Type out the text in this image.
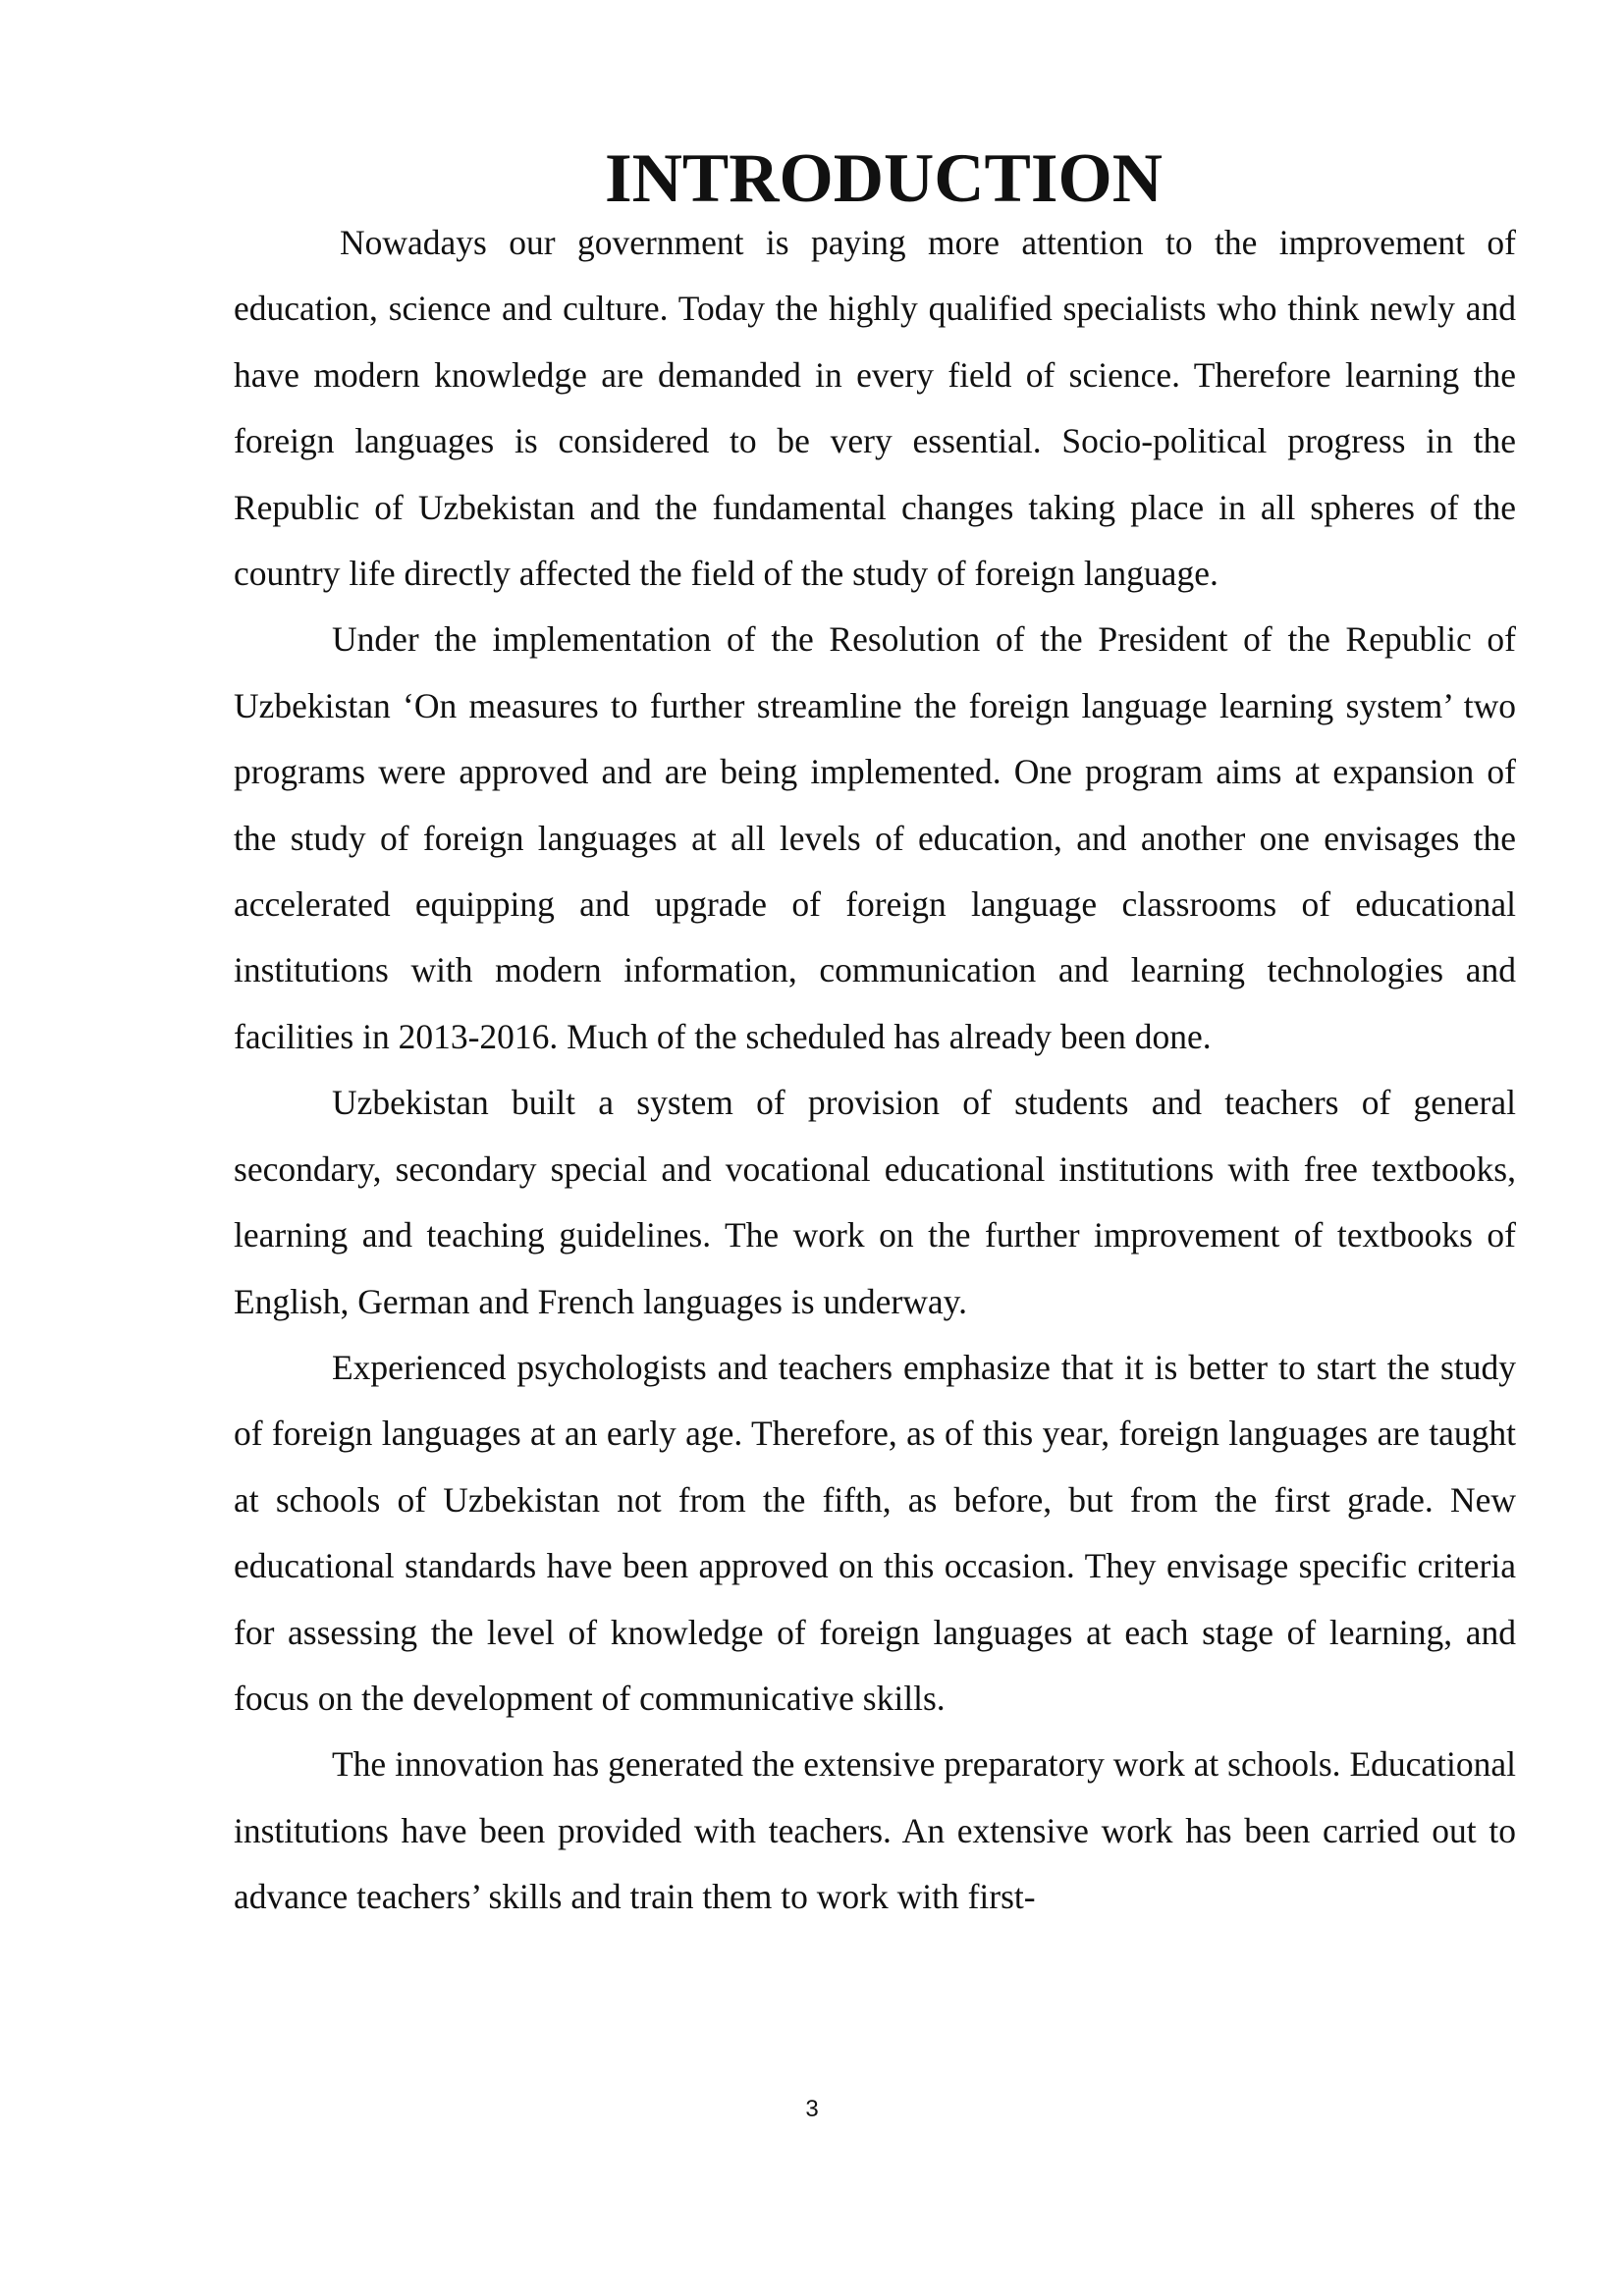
INTRODUCTION

Nowadays our government is paying more attention to the improvement of education, science and culture. Today the highly qualified specialists who think newly and have modern knowledge are demanded in every field of science. Therefore learning the foreign languages is considered to be very essential. Socio-political progress in the Republic of Uzbekistan and the fundamental changes taking place in all spheres of the country life directly affected the field of the study of foreign language.

Under the implementation of the Resolution of the President of the Republic of Uzbekistan ‘On measures to further streamline the foreign language learning system’ two programs were approved and are being implemented. One program aims at expansion of the study of foreign languages at all levels of education, and another one envisages the accelerated equipping and upgrade of foreign language classrooms of educational institutions with modern information, communication and learning technologies and facilities in 2013-2016. Much of the scheduled has already been done.

Uzbekistan built a system of provision of students and teachers of general secondary, secondary special and vocational educational institutions with free textbooks, learning and teaching guidelines. The work on the further improvement of textbooks of English, German and French languages is underway.

Experienced psychologists and teachers emphasize that it is better to start the study of foreign languages at an early age. Therefore, as of this year, foreign languages are taught at schools of Uzbekistan not from the fifth, as before, but from the first grade. New educational standards have been approved on this occasion. They envisage specific criteria for assessing the level of knowledge of foreign languages at each stage of learning, and focus on the development of communicative skills.

The innovation has generated the extensive preparatory work at schools. Educational institutions have been provided with teachers. An extensive work has been carried out to advance teachers’ skills and train them to work with first-

3
